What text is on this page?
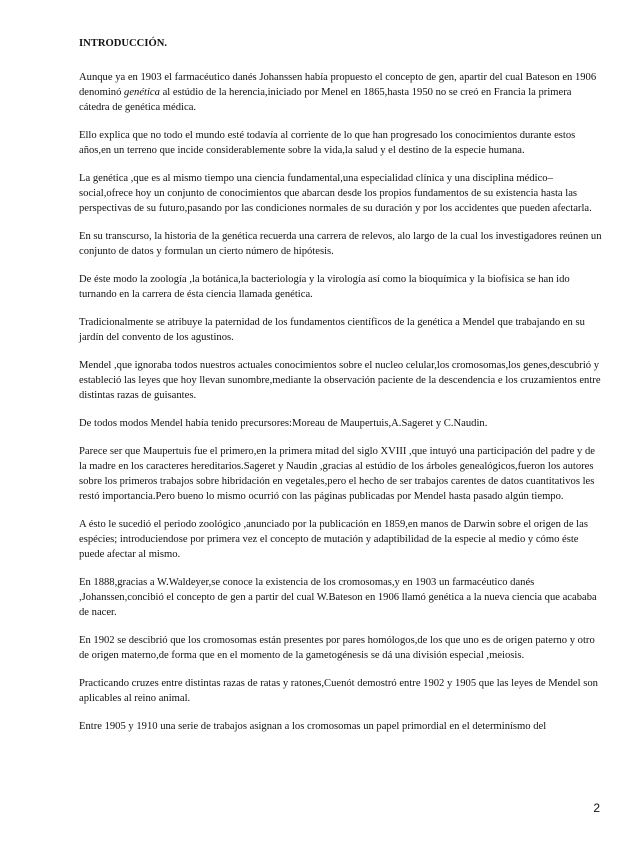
INTRODUCCIÓN.

Aunque ya en 1903 el farmacéutico danés Johanssen había propuesto el concepto de gen, apartir del cual Bateson en 1906 denominó genética al estúdio de la herencia,iniciado por Menel en 1865,hasta 1950 no se creó en Francia la primera cátedra de genética médica.

Ello explica que no todo el mundo esté todavía al corriente de lo que han progresado los conocimientos durante estos años,en un terreno que incide considerablemente sobre la vida,la salud y el destino de la especie humana.

La genética ,que es al mismo tiempo una ciencia fundamental,una especialidad clínica y una disciplina médico–social,ofrece hoy un conjunto de conocimientos que abarcan desde los propios fundamentos de su existencia hasta las perspectivas de su futuro,pasando por las condiciones normales de su duración y por los accidentes que pueden afectarla.

En su transcurso, la historia de la genética recuerda una carrera de relevos, alo largo de la cual los investigadores reúnen un conjunto de datos y formulan un cierto número de hipótesis.

De éste modo la zoología ,la botánica,la bacteriología y la virología así como la bioquímica y la biofísica se han ido turnando en la carrera de ésta ciencia llamada genética.

Tradicionalmente se atribuye la paternidad de los fundamentos científicos de la genética a Mendel que trabajando en su jardín del convento de los agustinos.

Mendel ,que ignoraba todos nuestros actuales conocimientos sobre el nucleo celular,los cromosomas,los genes,descubrió y estableció las leyes que hoy llevan sunombre,mediante la observación paciente de la descendencia e los cruzamientos entre distintas razas de guisantes.

De todos modos Mendel había tenido precursores:Moreau de Maupertuis,A.Sageret y C.Naudin.

Parece ser que Maupertuis fue el primero,en la primera mitad del siglo XVIII ,que intuyó una participación del padre y de la madre en los caracteres hereditarios.Sageret y Naudin ,gracias al estúdio de los árboles genealógicos,fueron los autores sobre los primeros trabajos sobre hibridación en vegetales,pero el hecho de ser trabajos carentes de datos cuantitativos les restó importancia.Pero bueno lo mismo ocurrió con las páginas publicadas por Mendel hasta pasado algún tiempo.

A ésto le sucedió el periodo zoológico ,anunciado por la publicación en 1859,en manos de Darwin sobre el origen de las espécies; introduciendose por primera vez el concepto de mutación y adaptibilidad de la especie al medio y cómo éste puede afectar al mismo.

En 1888,gracias a W.Waldeyer,se conoce la existencia de los cromosomas,y en 1903 un farmacéutico danés ,Johanssen,concibió el concepto de gen a partir del cual W.Bateson en 1906 llamó genética a la nueva ciencia que acababa de nacer.

En 1902 se descibrió que los cromosomas están presentes por pares homólogos,de los que uno es de origen paterno y otro de origen materno,de forma que en el momento de la gametogénesis se dá una división especial ,meiosis.

Practicando cruzes entre distintas razas de ratas y ratones,Cuenót demostró entre 1902 y 1905 que las leyes de Mendel son aplicables al reino animal.

Entre 1905 y 1910 una serie de trabajos asignan a los cromosomas un papel primordial en el determinísmo del

2
